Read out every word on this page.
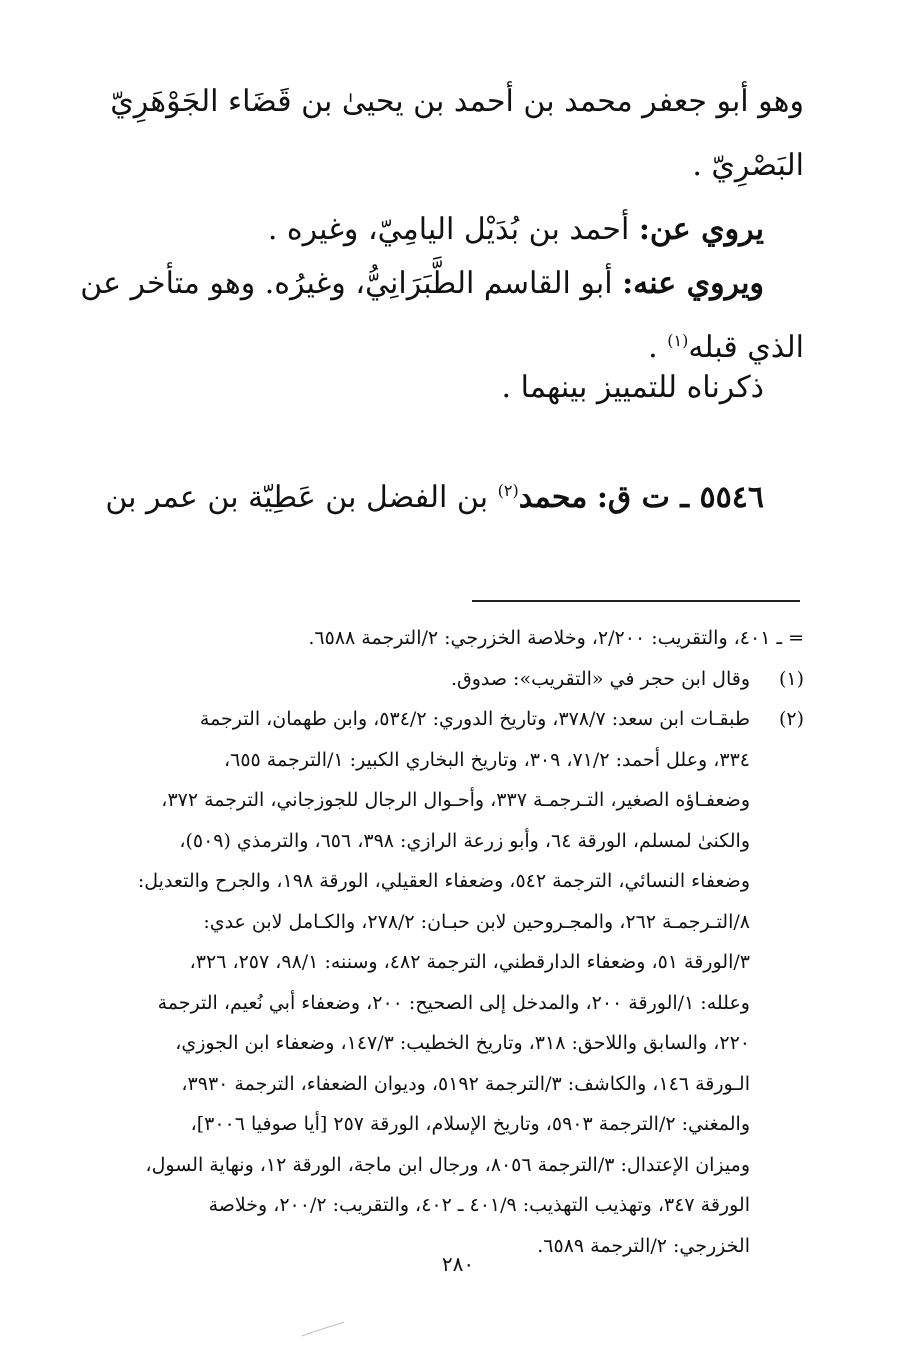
وهو أبو جعفر محمد بن أحمد بن يحيىٰ بن قَضَاء الجَوْهَرِيّ
البَصْرِيّ .
يروي عن: أحمد بن بُدَيْل اليامِيّ، وغيره .
ويروي عنه: أبو القاسم الطَّبَرَانِيُّ، وغيرُه. وهو متأخر عن
الذي قبله$^{(١)}$ .
ذكرناه للتمييز بينهما .
٥٥٤٦ ـ ت ق: محمد$^{(٢)}$ بن الفضل بن عَطِيّة بن عمر بن
= ـ ٤٠١، والتقريب: ٢/٢٠٠، وخلاصة الخزرجي: ٢/الترجمة ٦٥٨٨.
(١)
وقال ابن حجر في «التقريب»: صدوق.
(٢)
طبقـات ابن سعد: ٣٧٨/٧، وتاريخ الدوري: ٥٣٤/٢، وابن طهمان، الترجمة
٣٣٤، وعلل أحمد: ٧١/٢، ٣٠٩، وتاريخ البخاري الكبير: ١/الترجمة ٦٥٥،
وضعفـاؤه الصغير، التـرجمـة ٣٣٧، وأحـوال الرجال للجوزجاني، الترجمة ٣٧٢،
والكنىٰ لمسلم، الورقة ٦٤، وأبو زرعة الرازي: ٣٩٨، ٦٥٦، والترمذي (٥٠٩)،
وضعفاء النسائي، الترجمة ٥٤٢، وضعفاء العقيلي، الورقة ١٩٨، والجرح والتعديل:
٨/التـرجمـة ٢٦٢، والمجـروحين لابن حبـان: ٢٧٨/٢، والكـامل لابن عدي:
٣/الورقة ٥١، وضعفاء الدارقطني، الترجمة ٤٨٢، وسننه: ٩٨/١، ٢٥٧، ٣٢٦،
وعلله: ١/الورقة ٢٠٠، والمدخل إلى الصحيح: ٢٠٠، وضعفاء أبي نُعيم، الترجمة
٢٢٠، والسابق واللاحق: ٣١٨، وتاريخ الخطيب: ١٤٧/٣، وضعفاء ابن الجوزي،
الـورقة ١٤٦، والكاشف: ٣/الترجمة ٥١٩٢، وديوان الضعفاء، الترجمة ٣٩٣٠،
والمغني: ٢/الترجمة ٥٩٠٣، وتاريخ الإسلام، الورقة ٢٥٧ [أيا صوفيا ٣٠٠٦]،
وميزان الإعتدال: ٣/الترجمة ٨٠٥٦، ورجال ابن ماجة، الورقة ١٢، ونهاية السول،
الورقة ٣٤٧، وتهذيب التهذيب: ٤٠١/٩ ـ ٤٠٢، والتقريب: ٢٠٠/٢، وخلاصة
الخزرجي: ٢/الترجمة ٦٥٨٩.
٢٨٠
